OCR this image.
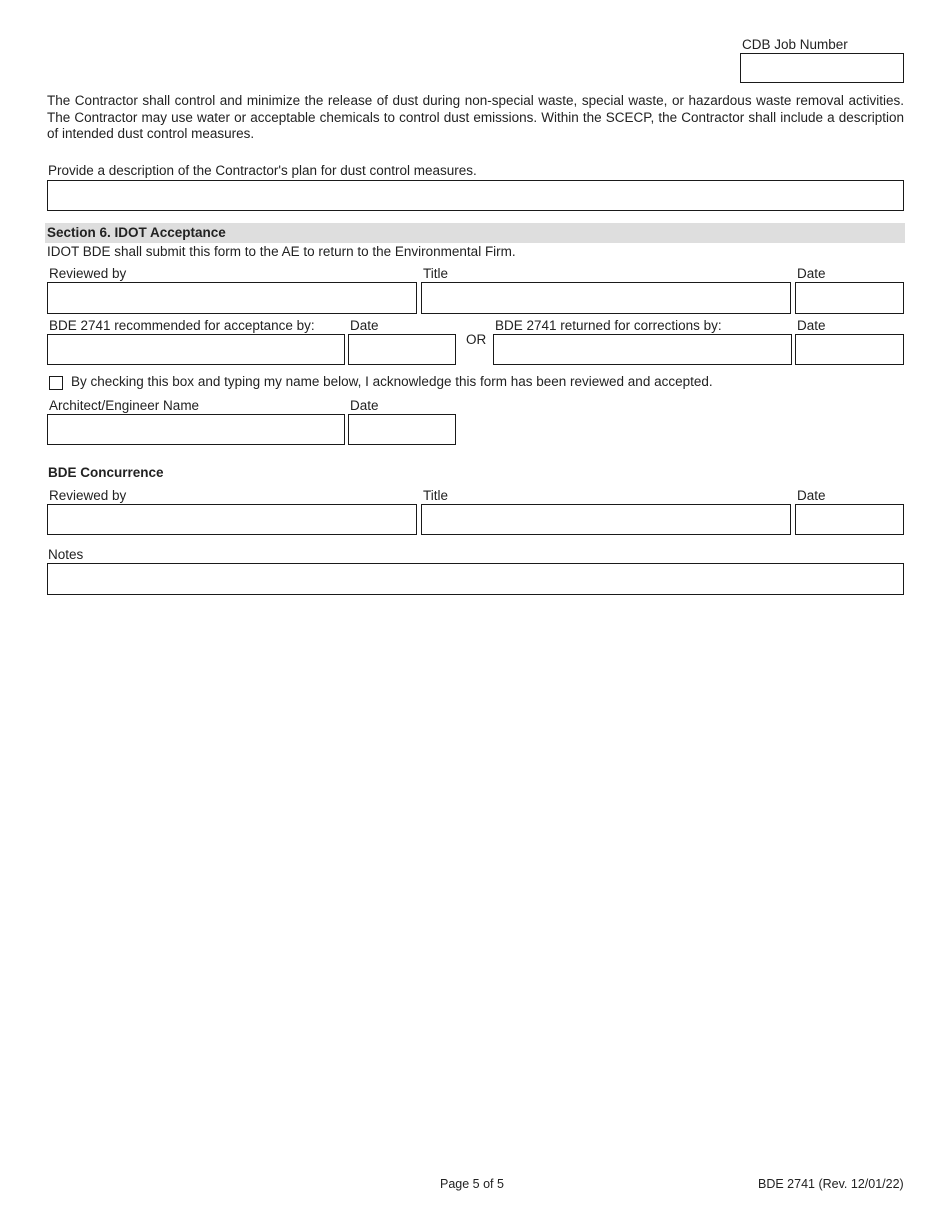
CDB Job Number
The Contractor shall control and minimize the release of dust during non-special waste, special waste, or hazardous waste removal activities. The Contractor may use water or acceptable chemicals to control dust emissions. Within the SCECP, the Contractor shall include a description of intended dust control measures.
Provide a description of the Contractor's plan for dust control measures.
Section 6. IDOT Acceptance
IDOT BDE shall submit this form to the AE to return to the Environmental Firm.
Reviewed by	Title	Date
BDE 2741 recommended for acceptance by:	Date	BDE 2741 returned for corrections by:	Date
OR
By checking this box and typing my name below, I acknowledge this form has been reviewed and accepted.
Architect/Engineer Name	Date
BDE Concurrence
Reviewed by	Title	Date
Notes
Page 5 of 5	BDE 2741 (Rev. 12/01/22)
